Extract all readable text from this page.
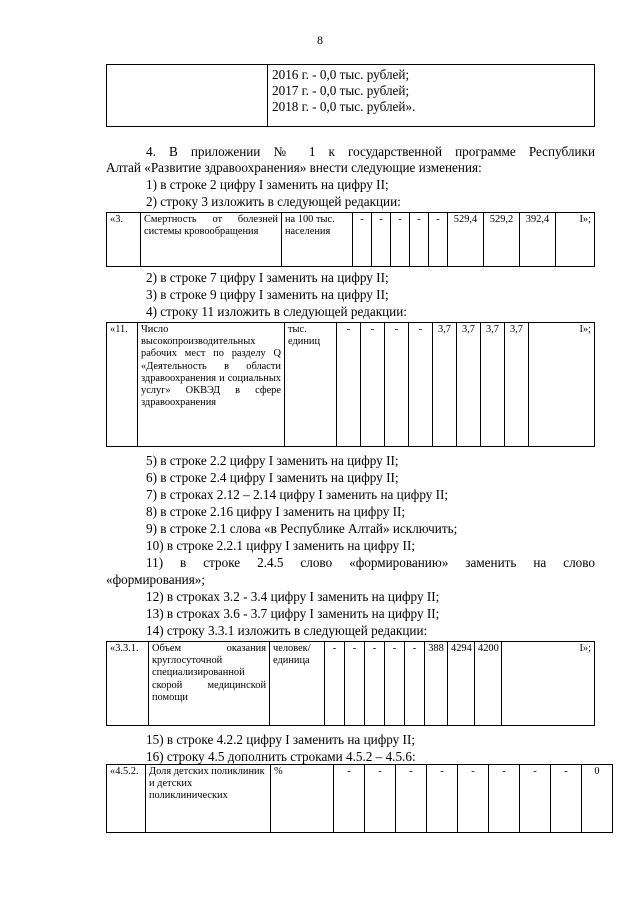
8

2016 г. - 0,0 тыс. рублей;
2017 г. - 0,0 тыс. рублей;
2018 г. - 0,0 тыс. рублей».
4. В приложении № 1 к государственной программе Республики
Алтай «Развитие здравоохранения» внести следующие изменения:
1) в строке 2 цифру I заменить на цифру II;
2) строку 3 изложить в следующей редакции:
«3.	Смертность от болезней системы кровообращения	на 100 тыс. населения	-	-	-	-	-	529,4	529,2	392,4	I»;
2) в строке 7 цифру I заменить на цифру II;
3) в строке 9 цифру I заменить на цифру II;
4) строку 11 изложить в следующей редакции:
«11.	Число высокопроизводительных рабочих мест по разделу Q «Деятельность в области здравоохранения и социальных услуг» ОКВЭД в сфере здравоохранения	тыс. единиц	-	-	-	-	3,7	3,7	3,7	3,7	I»;
5) в строке 2.2 цифру I заменить на цифру II;
6) в строке 2.4 цифру I заменить на цифру II;
7) в строках 2.12 – 2.14 цифру I заменить на цифру II;
8) в строке 2.16 цифру I заменить на цифру II;
9) в строке 2.1 слова «в Республике Алтай» исключить;
10) в строке 2.2.1 цифру I заменить на цифру II;
11) в строке 2.4.5 слово «формированию» заменить на слово
«формирования»;
12) в строках 3.2 - 3.4 цифру I заменить на цифру II;
13) в строках 3.6 - 3.7 цифру I заменить на цифру II;
14) строку 3.3.1 изложить в следующей редакции:
«3.3.1.	Объем оказания круглосуточной специализированной скорой медицинской помощи	человек/ единица	-	-	-	-	-	388	4294	4200	I»;
15) в строке 4.2.2 цифру I заменить на цифру II;
16) строку 4.5 дополнить строками 4.5.2 – 4.5.6:
«4.5.2.	Доля детских поликлиник и детских поликлинических	%	-	-	-	-	-	-	-	-	0	
